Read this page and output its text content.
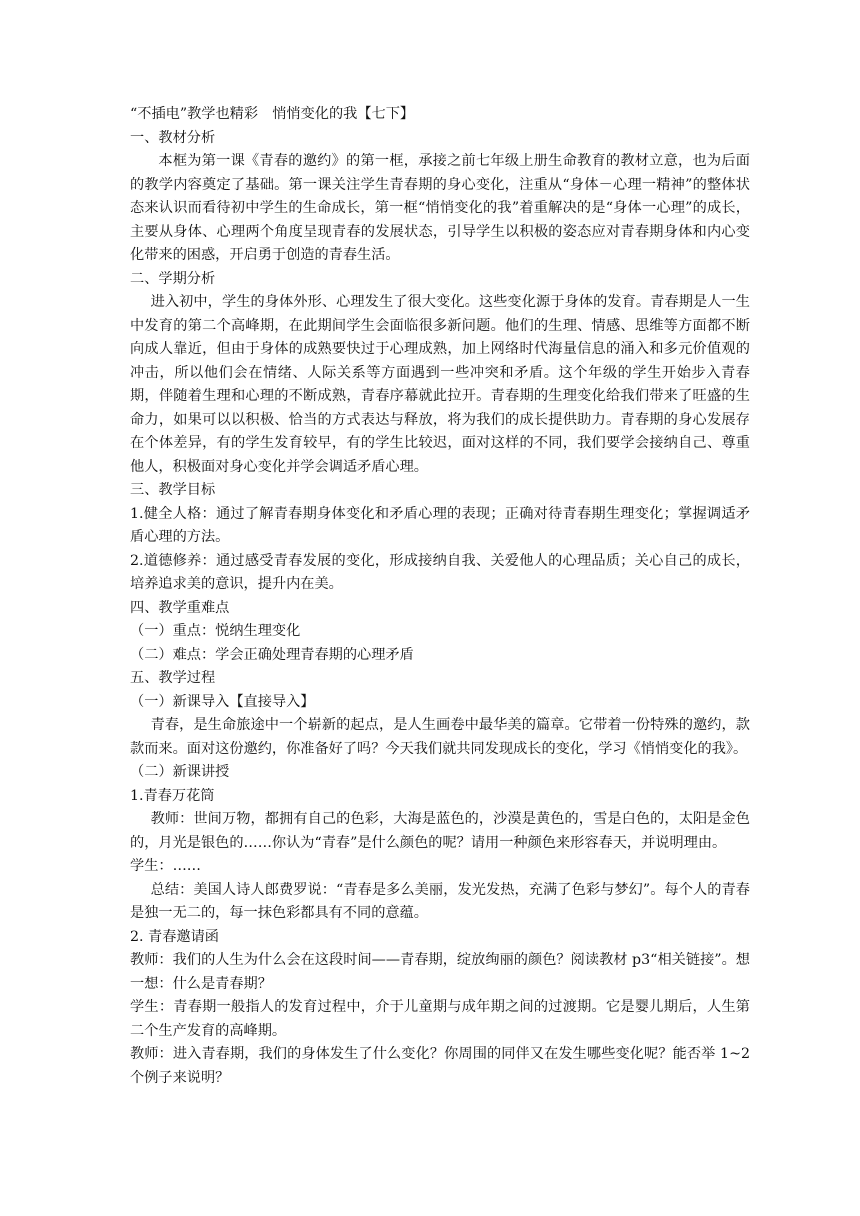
“不插电”教学也精彩　悄悄变化的我【七下】

一、教材分析

本框为第一课《青春的邀约》的第一框，承接之前七年级上册生命教育的教材立意，也为后面的教学内容奠定了基础。第一课关注学生青春期的身心变化，注重从“身体－心理一精神”的整体状态来认识而看待初中学生的生命成长，第一框“悄悄变化的我”着重解决的是“身体一心理”的成长，主要从身体、心理两个角度呈现青春的发展状态，引导学生以积极的姿态应对青春期身体和内心变化带来的困惑，开启勇于创造的青春生活。

二、学期分析

进入初中，学生的身体外形、心理发生了很大变化。这些变化源于身体的发育。青春期是人一生中发育的第二个高峰期，在此期间学生会面临很多新问题。他们的生理、情感、思维等方面都不断向成人靠近，但由于身体的成熟要快过于心理成熟，加上网络时代海量信息的涌入和多元价值观的冲击，所以他们会在情绪、人际关系等方面遇到一些冲突和矛盾。这个年级的学生开始步入青春期，伴随着生理和心理的不断成熟，青春序幕就此拉开。青春期的生理变化给我们带来了旺盛的生命力，如果可以以积极、恰当的方式表达与释放，将为我们的成长提供助力。青春期的身心发展存在个体差异，有的学生发育较早，有的学生比较迟，面对这样的不同，我们要学会接纳自己、尊重他人，积极面对身心变化并学会调适矛盾心理。

三、教学目标

1.健全人格：通过了解青春期身体变化和矛盾心理的表现；正确对待青春期生理变化；掌握调适矛盾心理的方法。

2.道德修养：通过感受青春发展的变化，形成接纳自我、关爱他人的心理品质；关心自己的成长，培养追求美的意识，提升内在美。

四、教学重难点

（一）重点：悦纳生理变化

（二）难点：学会正确处理青春期的心理矛盾

五、教学过程

（一）新课导入【直接导入】

青春，是生命旅途中一个崭新的起点，是人生画卷中最华美的篇章。它带着一份特殊的邀约，款款而来。面对这份邀约，你准备好了吗？今天我们就共同发现成长的变化，学习《悄悄变化的我》。

（二）新课讲授

1.青春万花筒

教师：世间万物，都拥有自己的色彩，大海是蓝色的，沙漠是黄色的，雪是白色的，太阳是金色的，月光是银色的……你认为“青春”是什么颜色的呢？请用一种颜色来形容春天，并说明理由。

学生：……

总结：美国人诗人郎费罗说：“青春是多么美丽，发光发热，充满了色彩与梦幻”。每个人的青春是独一无二的，每一抹色彩都具有不同的意蕴。

2. 青春邀请函

教师：我们的人生为什么会在这段时间——青春期，绽放绚丽的颜色？阅读教材 p3“相关链接”。想一想：什么是青春期？

学生：青春期一般指人的发育过程中，介于儿童期与成年期之间的过渡期。它是婴儿期后，人生第二个生产发育的高峰期。

教师：进入青春期，我们的身体发生了什么变化？你周围的同伴又在发生哪些变化呢？能否举 1~2 个例子来说明？
